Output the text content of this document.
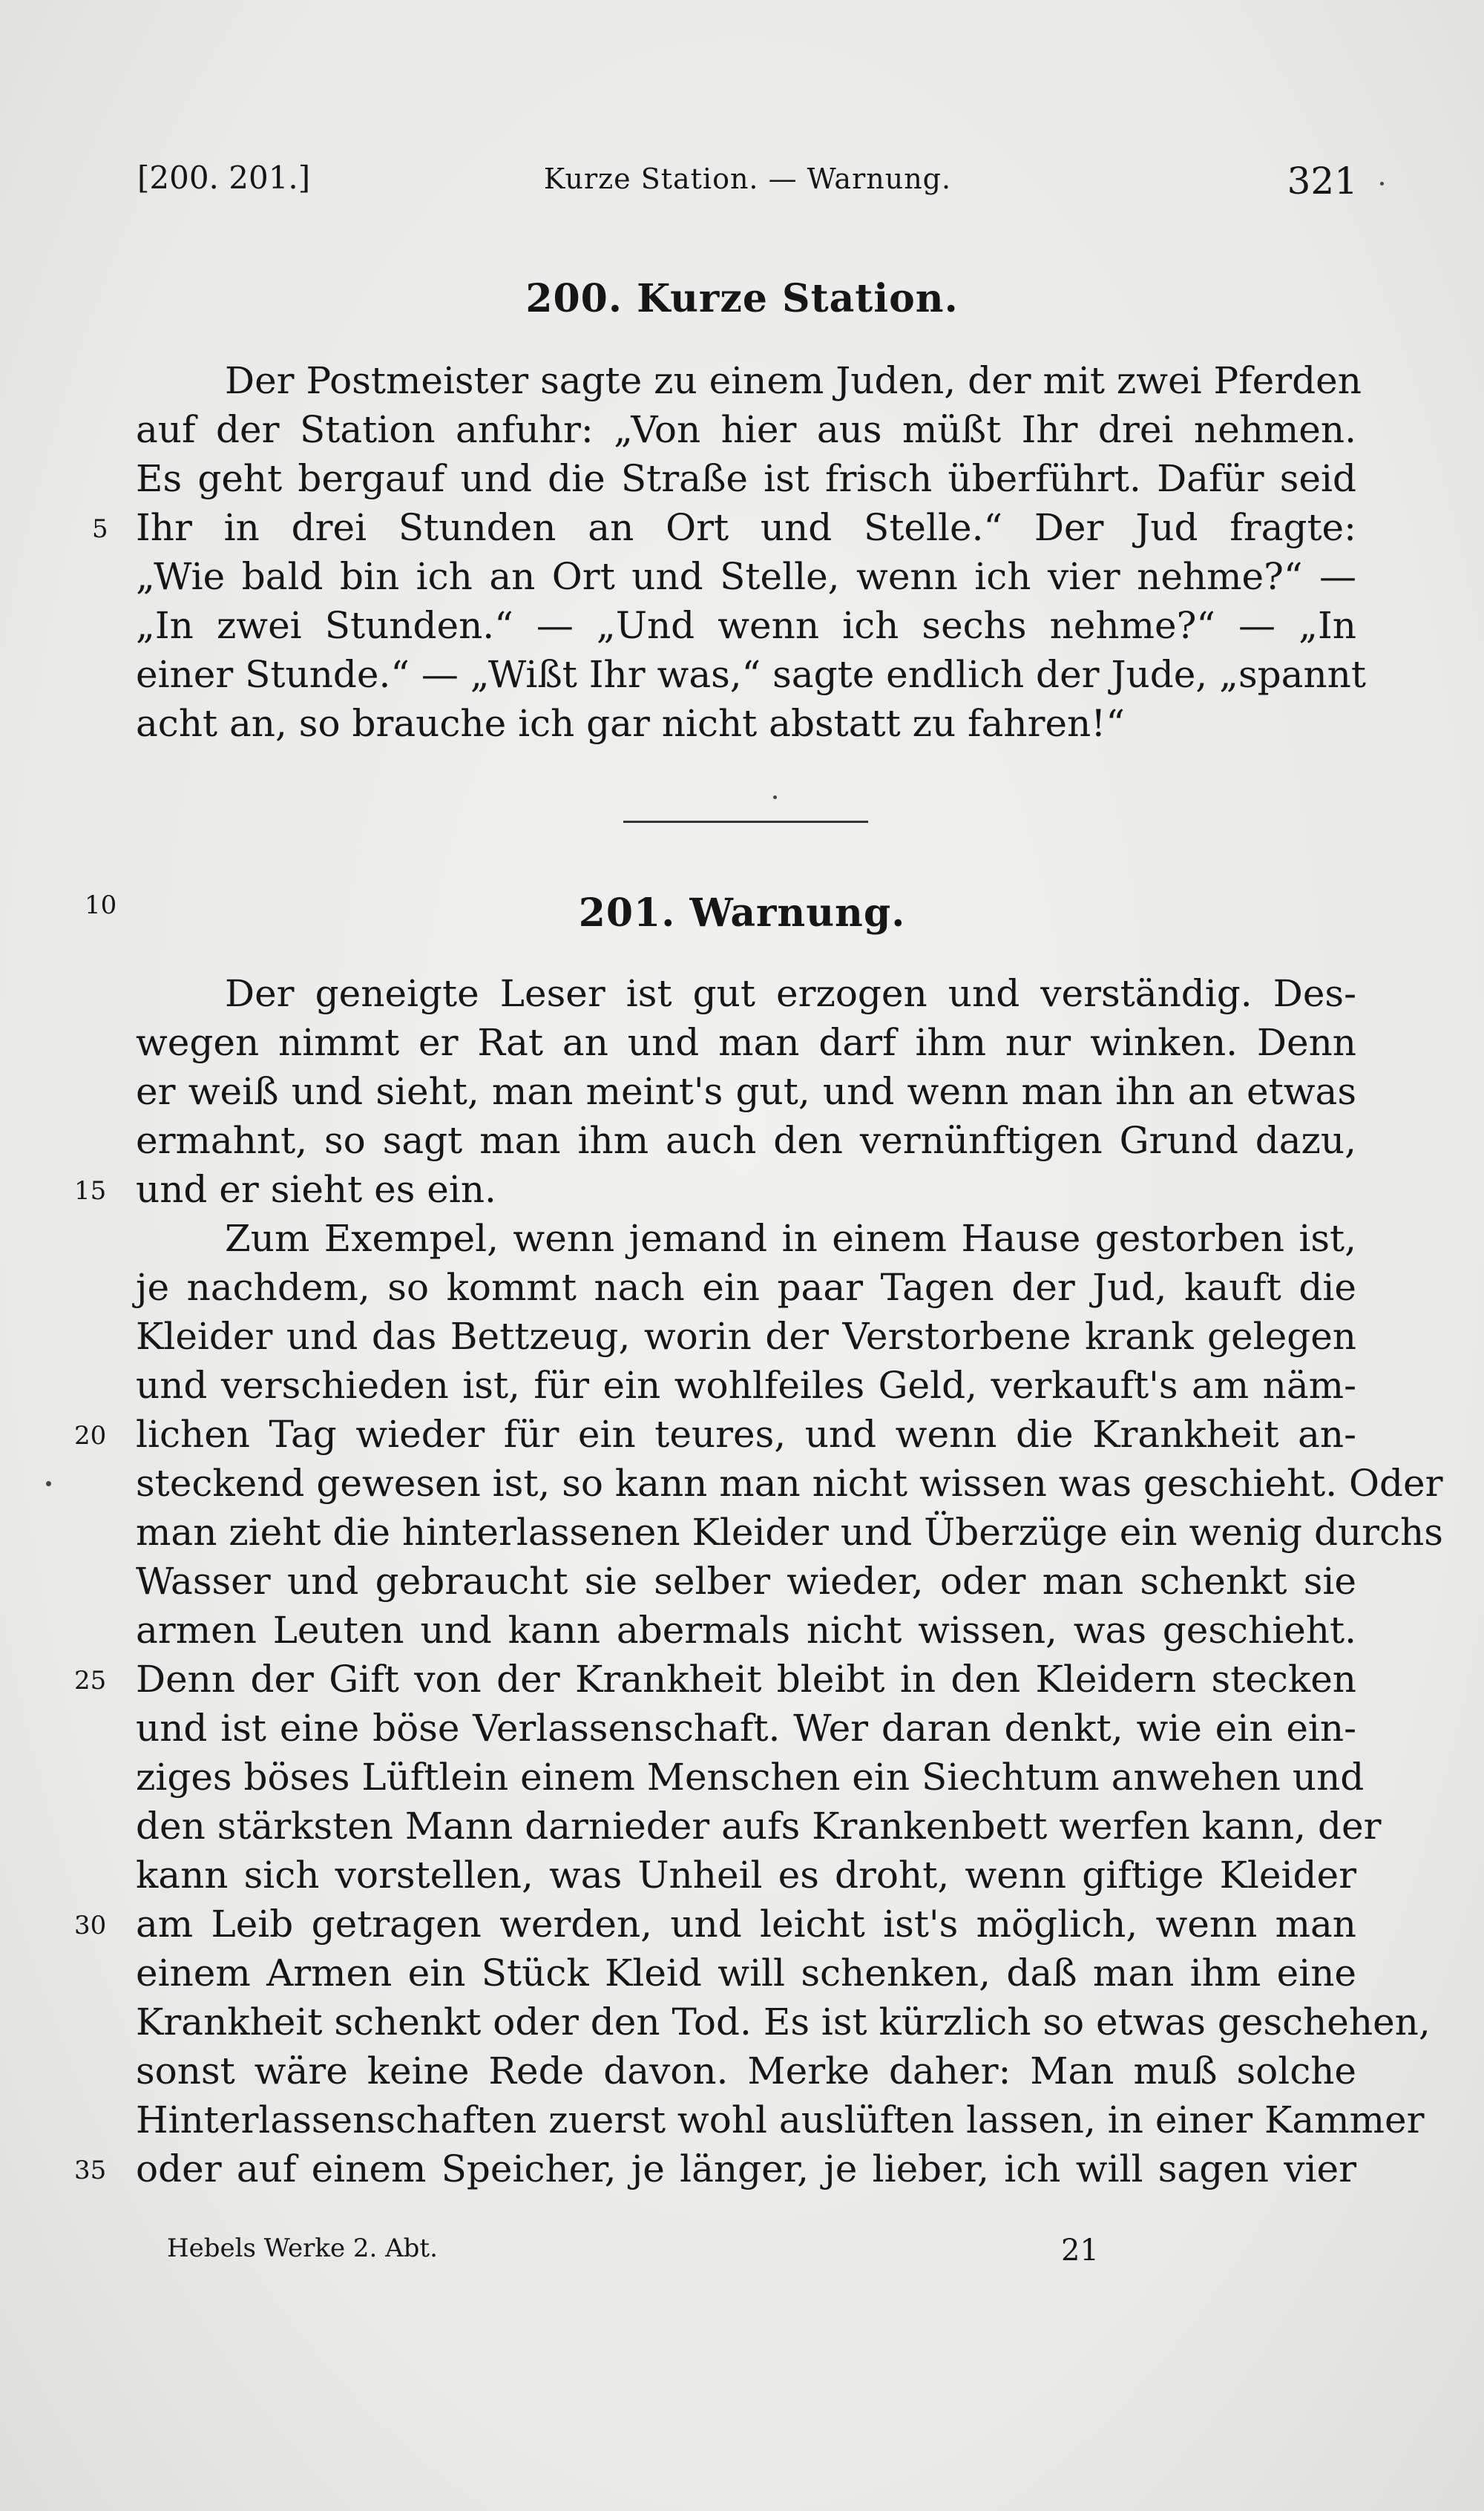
[200. 201.]	Kurze Station. — Warnung.	321
200. Kurze Station.
Der Postmeister sagte zu einem Juden, der mit zwei Pferden
auf der Station anfuhr: „Von hier aus müßt Ihr drei nehmen.
Es geht bergauf und die Straße ist frisch überführt. Dafür seid
Ihr in drei Stunden an Ort und Stelle.“ Der Jud fragte:
„Wie bald bin ich an Ort und Stelle, wenn ich vier nehme?“ —
„In zwei Stunden.“ — „Und wenn ich sechs nehme?“ — „In
einer Stunde.“ — „Wißt Ihr was,“ sagte endlich der Jude, „spannt
acht an, so brauche ich gar nicht abstatt zu fahren!“
201. Warnung.
Der geneigte Leser ist gut erzogen und verständig. Des-
wegen nimmt er Rat an und man darf ihm nur winken. Denn
er weiß und sieht, man meint's gut, und wenn man ihn an etwas
ermahnt, so sagt man ihm auch den vernünftigen Grund dazu,
und er sieht es ein.
Zum Exempel, wenn jemand in einem Hause gestorben ist,
je nachdem, so kommt nach ein paar Tagen der Jud, kauft die
Kleider und das Bettzeug, worin der Verstorbene krank gelegen
und verschieden ist, für ein wohlfeiles Geld, verkauft's am näm-
lichen Tag wieder für ein teures, und wenn die Krankheit an-
steckend gewesen ist, so kann man nicht wissen was geschieht. Oder
man zieht die hinterlassenen Kleider und Überzüge ein wenig durchs
Wasser und gebraucht sie selber wieder, oder man schenkt sie
armen Leuten und kann abermals nicht wissen, was geschieht.
Denn der Gift von der Krankheit bleibt in den Kleidern stecken
und ist eine böse Verlassenschaft. Wer daran denkt, wie ein ein-
ziges böses Lüftlein einem Menschen ein Siechtum anwehen und
den stärksten Mann darnieder aufs Krankenbett werfen kann, der
kann sich vorstellen, was Unheil es droht, wenn giftige Kleider
am Leib getragen werden, und leicht ist's möglich, wenn man
einem Armen ein Stück Kleid will schenken, daß man ihm eine
Krankheit schenkt oder den Tod. Es ist kürzlich so etwas geschehen,
sonst wäre keine Rede davon. Merke daher: Man muß solche
Hinterlassenschaften zuerst wohl auslüften lassen, in einer Kammer
oder auf einem Speicher, je länger, je lieber, ich will sagen vier
5
10
15
20
25
30
35
Hebels Werke 2. Abt.	21
